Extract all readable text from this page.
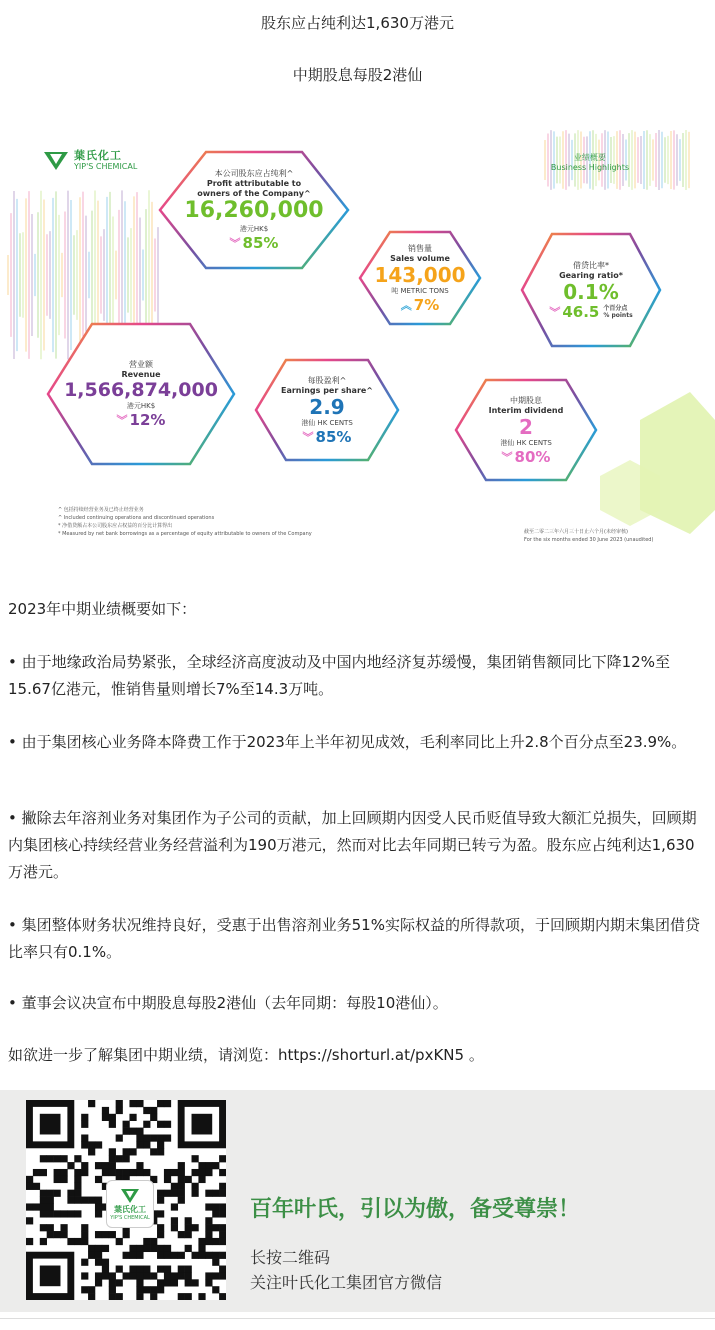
股东应占纯利达1,630万港元
中期股息每股2港仙
葉氏化工
YIP'S CHEMICAL
业绩概要
Business Highlights
本公司股东应占纯利^
Profit attributable to
owners of the Company^
16,260,000
港元HK$
︾ 85%	销售量
Sales volume
143,000
吨 METRIC TONS
︽ 7%
借贷比率*
Gearing ratio*
0.1%
︾ 46.5 个百分点
% points
营业额
Revenue
1,566,874,000
港元HK$
︾ 12%
每股盈利^
Earnings per share^
2.9
港仙 HK CENTS
︾ 85%
中期股息
Interim dividend
2
港仙 HK CENTS
︾ 80%
^ 包括持续经营业务及已终止经营业务
^ Included continuing operations and discontinued operations
* 净借贷额占本公司股东应占权益的百分比计算得出
* Measured by net bank borrowings as a percentage of equity attributable to owners of the Company	截至二零二三年六月三十日止六个月(未经审核)
For the six months ended 30 June 2023 (unaudited)
2023年中期业绩概要如下：
• 由于地缘政治局势紧张，全球经济高度波动及中国内地经济复苏缓慢，集团销售额同比下降12%至15.67亿港元，惟销售量则增长7%至14.3万吨。
• 由于集团核心业务降本降费工作于2023年上半年初见成效，毛利率同比上升2.8个百分点至23.9%。
• 撇除去年溶剂业务对集团作为子公司的贡献，加上回顾期内因受人民币贬值导致大额汇兑损失，回顾期内集团核心持续经营业务经营溢利为190万港元，然而对比去年同期已转亏为盈。股东应占纯利达1,630万港元。
• 集团整体财务状况维持良好，受惠于出售溶剂业务51%实际权益的所得款项，于回顾期内期末集团借贷比率只有0.1%。
• 董事会议决宣布中期股息每股2港仙（去年同期：每股10港仙）。
如欲进一步了解集团中期业绩，请浏览：https://shorturl.at/pxKN5 。
葉氏化工
YIP'S CHEMICAL	百年叶氏，引以为傲，备受尊崇！
长按二维码
关注叶氏化工集团官方微信
